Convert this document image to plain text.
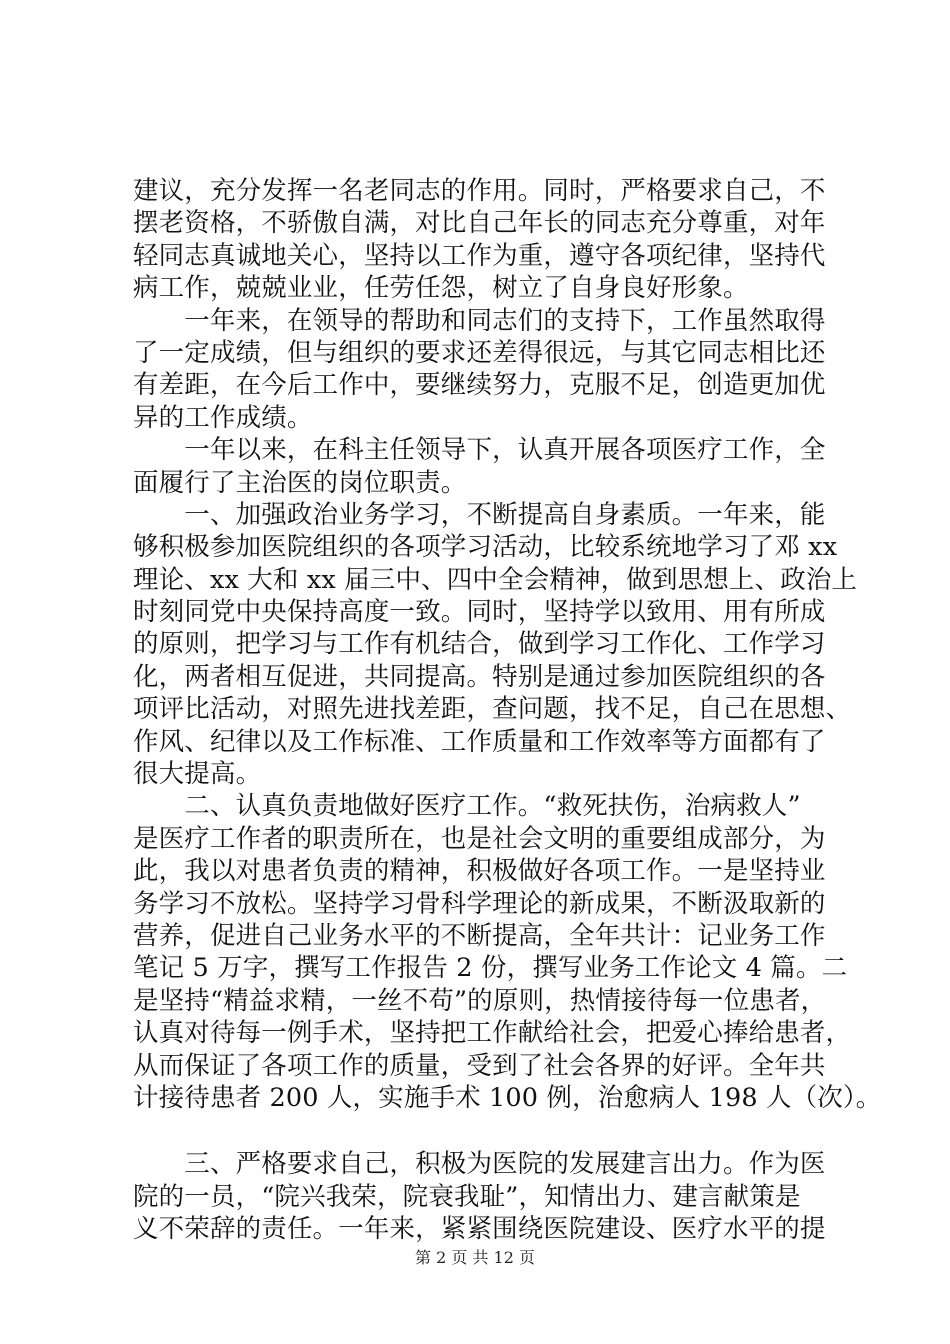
建议，充分发挥一名老同志的作用。同时，严格要求自己，不
摆老资格，不骄傲自满，对比自己年长的同志充分尊重，对年
轻同志真诚地关心，坚持以工作为重，遵守各项纪律，坚持代
病工作，兢兢业业，任劳任怨，树立了自身良好形象。
　　一年来，在领导的帮助和同志们的支持下，工作虽然取得
了一定成绩，但与组织的要求还差得很远，与其它同志相比还
有差距，在今后工作中，要继续努力，克服不足，创造更加优
异的工作成绩。
　　一年以来，在科主任领导下，认真开展各项医疗工作，全
面履行了主治医的岗位职责。
　　一、加强政治业务学习，不断提高自身素质。一年来，能
够积极参加医院组织的各项学习活动，比较系统地学习了邓 xx
理论、xx 大和 xx 届三中、四中全会精神，做到思想上、政治上
时刻同党中央保持高度一致。同时，坚持学以致用、用有所成
的原则，把学习与工作有机结合，做到学习工作化、工作学习
化，两者相互促进，共同提高。特别是通过参加医院组织的各
项评比活动，对照先进找差距，查问题，找不足，自己在思想、
作风、纪律以及工作标准、工作质量和工作效率等方面都有了
很大提高。
　　二、认真负责地做好医疗工作。“救死扶伤，治病救人”
是医疗工作者的职责所在，也是社会文明的重要组成部分，为
此，我以对患者负责的精神，积极做好各项工作。一是坚持业
务学习不放松。坚持学习骨科学理论的新成果，不断汲取新的
营养，促进自己业务水平的不断提高，全年共计：记业务工作
笔记 5 万字，撰写工作报告 2 份，撰写业务工作论文 4 篇。二
是坚持“精益求精，一丝不苟”的原则，热情接待每一位患者，
认真对待每一例手术，坚持把工作献给社会，把爱心捧给患者，
从而保证了各项工作的质量，受到了社会各界的好评。全年共
计接待患者 200 人，实施手术 100 例，治愈病人 198 人（次）。
　　三、严格要求自己，积极为医院的发展建言出力。作为医
院的一员，“院兴我荣，院衰我耻”，知情出力、建言献策是
义不荣辞的责任。一年来，紧紧围绕医院建设、医疗水平的提
第 2 页 共 12 页
